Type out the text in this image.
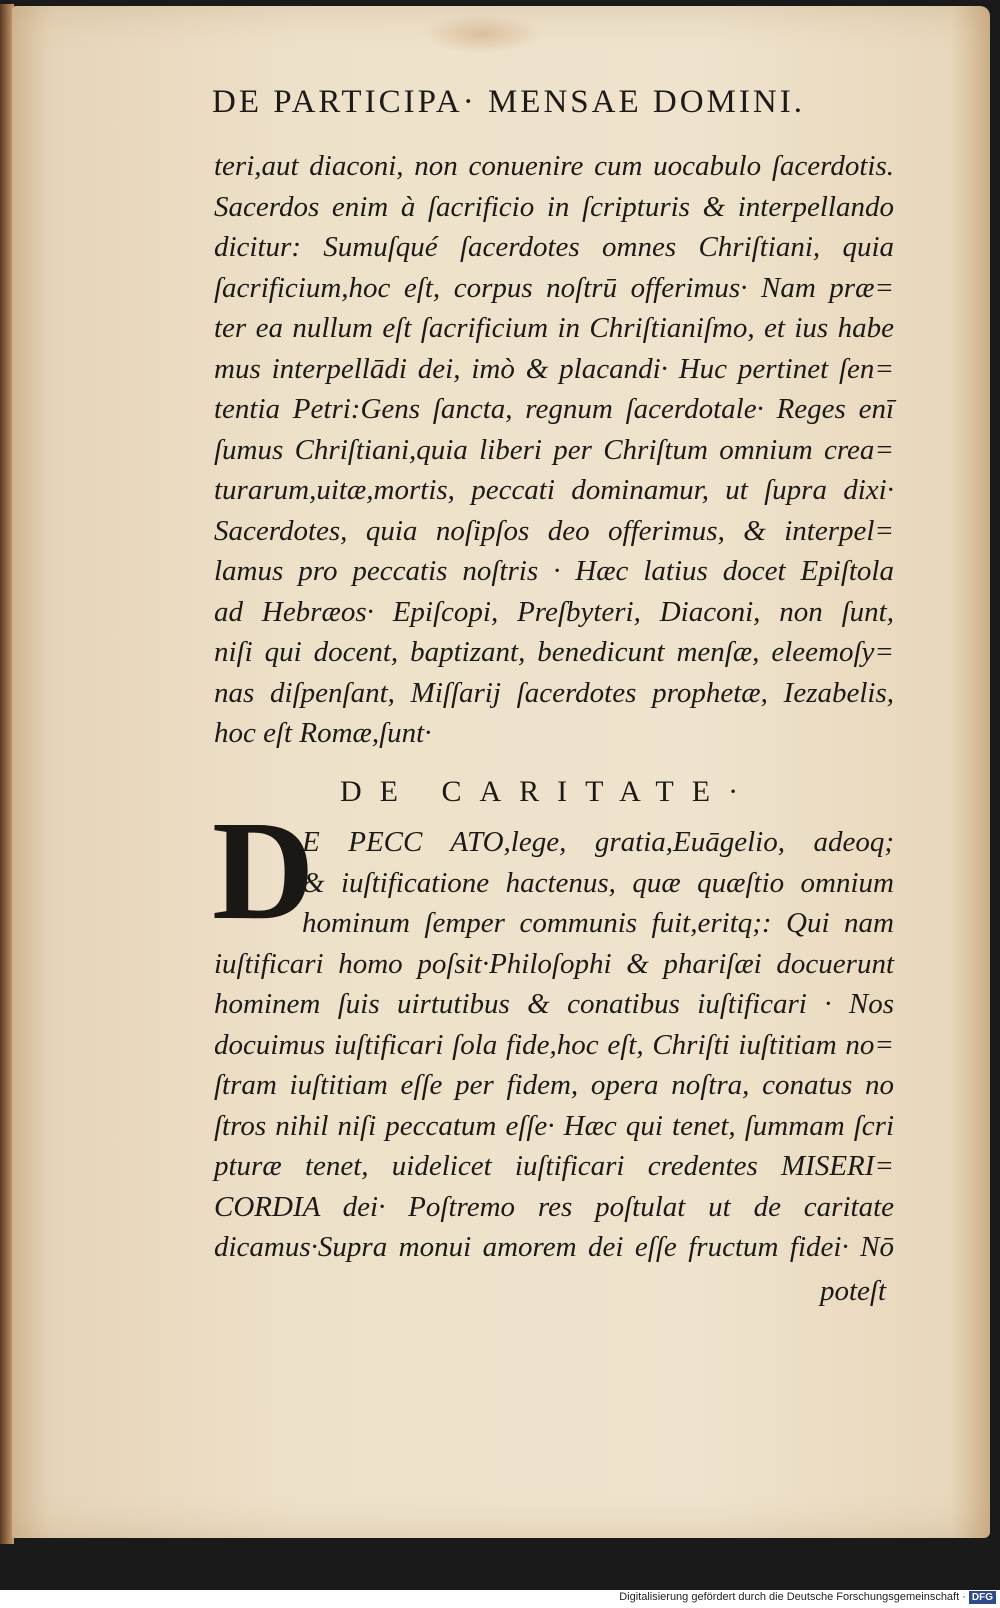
DE PARTICIPA· MENSAE DOMINI.
teri,aut diaconi, non conuenire cum uocabulo ſacerdotis.
Sacerdos enim à ſacrificio in ſcripturis & interpellando
dicitur: Sumuſqué ſacerdotes omnes Chriſtiani, quia
ſacrificium,hoc eſt, corpus noſtrū offerimus· Nam præ=
ter ea nullum eſt ſacrificium in Chriſtianiſmo, et ius habe
mus interpellādi dei, imò & placandi· Huc pertinet ſen=
tentia Petri:Gens ſancta, regnum ſacerdotale· Reges enī
ſumus Chriſtiani,quia liberi per Chriſtum omnium crea=
turarum,uitæ,mortis, peccati dominamur, ut ſupra dixi·
Sacerdotes, quia noſipſos deo offerimus, & interpel=
lamus pro peccatis noſtris · Hæc latius docet Epiſtola
ad Hebræos· Epiſcopi, Preſbyteri, Diaconi, non ſunt,
niſi qui docent, baptizant, benedicunt menſæ, eleemoſy=
nas diſpenſant, Miſſarij ſacerdotes prophetæ, Iezabelis,
hoc eſt Romæ,ſunt·
DE CARITATE·
D
E PECC ATO,lege, gratia,Euāgelio, adeoq;
& iuſtificatione hactenus, quæ quæſtio omnium
hominum ſemper communis fuit,eritq;: Qui nam
iuſtificari homo poſsit·Philoſophi & phariſæi docuerunt
hominem ſuis uirtutibus & conatibus iuſtificari · Nos
docuimus iuſtificari ſola fide,hoc eſt, Chriſti iuſtitiam no=
ſtram iuſtitiam eſſe per fidem, opera noſtra, conatus no
ſtros nihil niſi peccatum eſſe· Hæc qui tenet, ſummam ſcri
pturæ tenet, uidelicet iuſtificari credentes MISERI=
CORDIA dei· Poſtremo res poſtulat ut de caritate
dicamus·Supra monui amorem dei eſſe fructum fidei· Nō
poteſt
Digitalisierung gefördert durch die Deutsche Forschungsgemeinschaft · DFG
